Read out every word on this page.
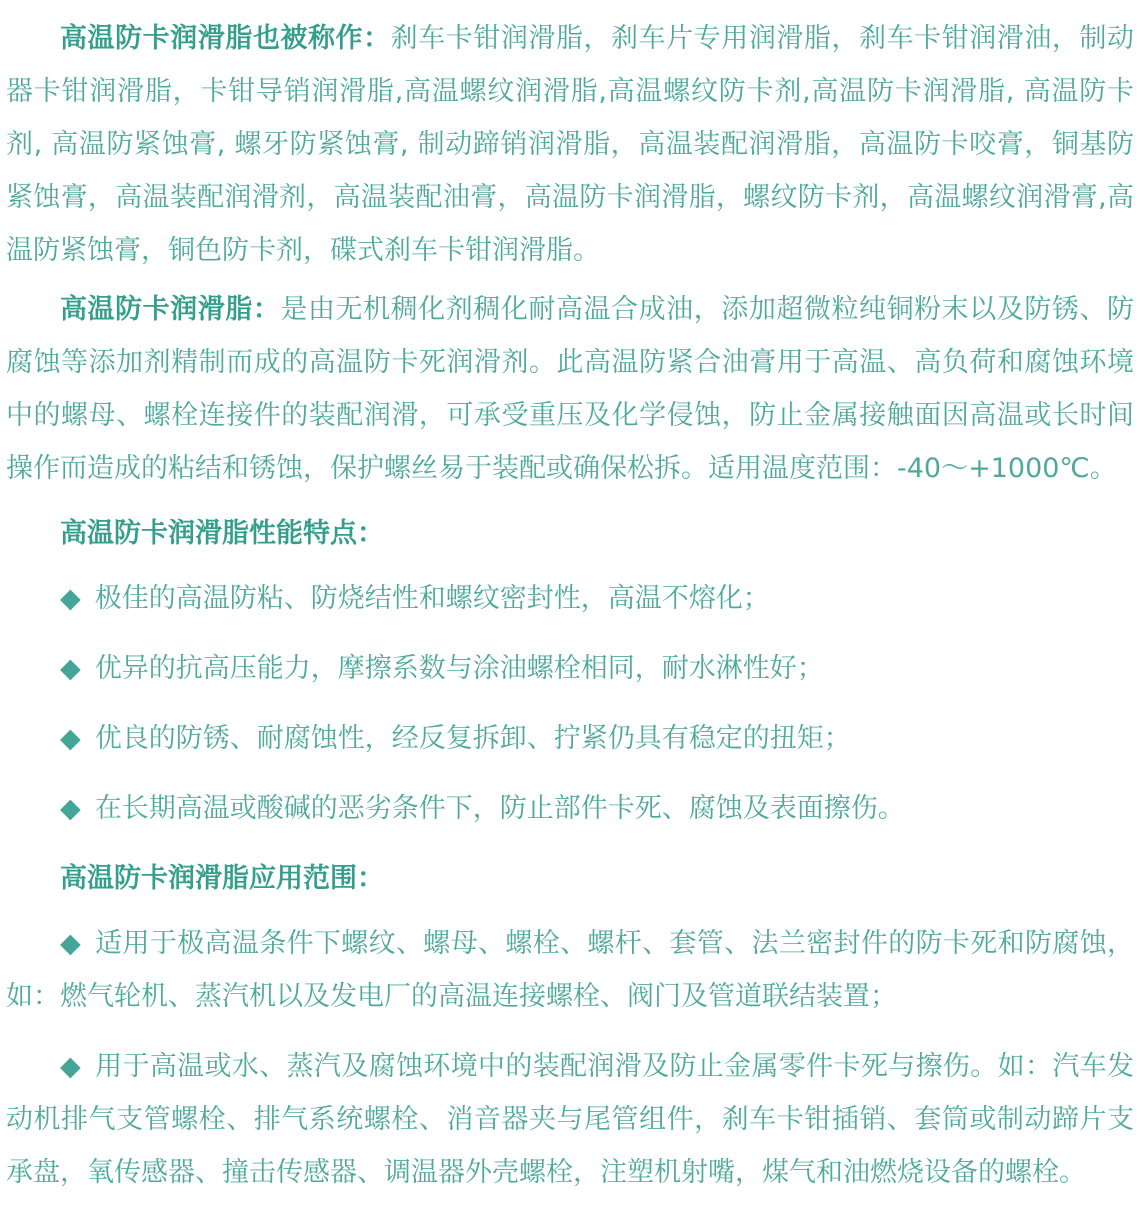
高温防卡润滑脂也被称作：刹车卡钳润滑脂，刹车片专用润滑脂，刹车卡钳润滑油，制动器卡钳润滑脂，卡钳导销润滑脂,高温螺纹润滑脂,高温螺纹防卡剂,高温防卡润滑脂, 高温防卡剂, 高温防紧蚀膏, 螺牙防紧蚀膏, 制动蹄销润滑脂，高温装配润滑脂，高温防卡咬膏，铜基防紧蚀膏，高温装配润滑剂，高温装配油膏，高温防卡润滑脂，螺纹防卡剂，高温螺纹润滑膏,高温防紧蚀膏，铜色防卡剂，碟式刹车卡钳润滑脂。

高温防卡润滑脂：是由无机稠化剂稠化耐高温合成油，添加超微粒纯铜粉末以及防锈、防腐蚀等添加剂精制而成的高温防卡死润滑剂。此高温防紧合油膏用于高温、高负荷和腐蚀环境中的螺母、螺栓连接件的装配润滑，可承受重压及化学侵蚀，防止金属接触面因高温或长时间操作而造成的粘结和锈蚀，保护螺丝易于装配或确保松拆。适用温度范围：-40～+1000℃。

高温防卡润滑脂性能特点：

◆ 极佳的高温防粘、防烧结性和螺纹密封性，高温不熔化；

◆ 优异的抗高压能力，摩擦系数与涂油螺栓相同，耐水淋性好；

◆ 优良的防锈、耐腐蚀性，经反复拆卸、拧紧仍具有稳定的扭矩；

◆ 在长期高温或酸碱的恶劣条件下，防止部件卡死、腐蚀及表面擦伤。

高温防卡润滑脂应用范围：

◆ 适用于极高温条件下螺纹、螺母、螺栓、螺杆、套管、法兰密封件的防卡死和防腐蚀，如：燃气轮机、蒸汽机以及发电厂的高温连接螺栓、阀门及管道联结装置；

◆ 用于高温或水、蒸汽及腐蚀环境中的装配润滑及防止金属零件卡死与擦伤。如：汽车发动机排气支管螺栓、排气系统螺栓、消音器夹与尾管组件，刹车卡钳插销、套筒或制动蹄片支承盘，氧传感器、撞击传感器、调温器外壳螺栓，注塑机射嘴，煤气和油燃烧设备的螺栓。
